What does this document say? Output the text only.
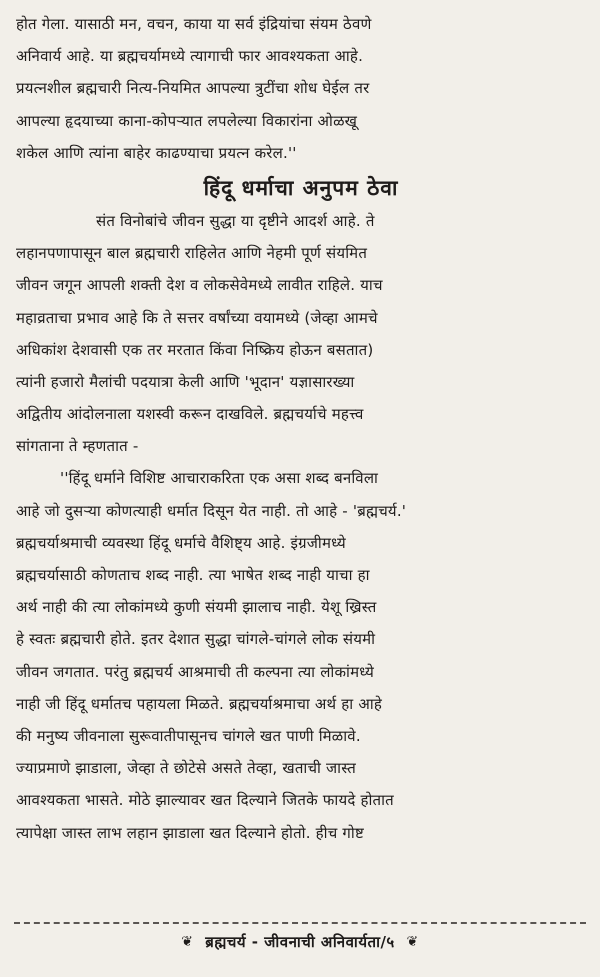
होत गेला. यासाठी मन, वचन, काया या सर्व इंद्रियांचा संयम ठेवणे
अनिवार्य आहे. या ब्रह्मचर्यामध्ये त्यागाची फार आवश्यकता आहे.
प्रयत्नशील ब्रह्मचारी नित्य-नियमित आपल्या त्रुटींचा शोध घेईल तर
आपल्या हृदयाच्या काना-कोपऱ्यात लपलेल्या विकारांना ओळखू
शकेल आणि त्यांना बाहेर काढण्याचा प्रयत्न करेल.''
हिंदू धर्माचा अनुपम ठेवा
संत विनोबांचे जीवन सुद्धा या दृष्टीने आदर्श आहे. ते
लहानपणापासून बाल ब्रह्मचारी राहिलेत आणि नेहमी पूर्ण संयमित
जीवन जगून आपली शक्ती देश व लोकसेवेमध्ये लावीत राहिले. याच
महाव्रताचा प्रभाव आहे कि ते सत्तर वर्षांच्या वयामध्ये (जेव्हा आमचे
अधिकांश देशवासी एक तर मरतात किंवा निष्क्रिय होऊन बसतात)
त्यांनी हजारो मैलांची पदयात्रा केली आणि 'भूदान' यज्ञासारख्या
अद्वितीय आंदोलनाला यशस्वी करून दाखविले. ब्रह्मचर्याचे महत्त्व
सांगताना ते म्हणतात -
''हिंदू धर्माने विशिष्ट आचाराकरिता एक असा शब्द बनविला
आहे जो दुसऱ्या कोणत्याही धर्मात दिसून येत नाही. तो आहे - 'ब्रह्मचर्य.'
ब्रह्मचर्याश्रमाची व्यवस्था हिंदू धर्माचे वैशिष्ट्य आहे. इंग्रजीमध्ये
ब्रह्मचर्यासाठी कोणताच शब्द नाही. त्या भाषेत शब्द नाही याचा हा
अर्थ नाही की त्या लोकांमध्ये कुणी संयमी झालाच नाही. येशू ख्रिस्त
हे स्वतः ब्रह्मचारी होते. इतर देशात सुद्धा चांगले-चांगले लोक संयमी
जीवन जगतात. परंतु ब्रह्मचर्य आश्रमाची ती कल्पना त्या लोकांमध्ये
नाही जी हिंदू धर्मातच पहायला मिळते. ब्रह्मचर्याश्रमाचा अर्थ हा आहे
की मनुष्य जीवनाला सुरूवातीपासूनच चांगले खत पाणी मिळावे.
ज्याप्रमाणे झाडाला, जेव्हा ते छोटेसे असते तेव्हा, खताची जास्त
आवश्यकता भासते. मोठे झाल्यावर खत दिल्याने जितके फायदे होतात
त्यापेक्षा जास्त लाभ लहान झाडाला खत दिल्याने होतो. हीच गोष्ट
❦ ब्रह्मचर्य - जीवनाची अनिवार्यता/५ ❦
